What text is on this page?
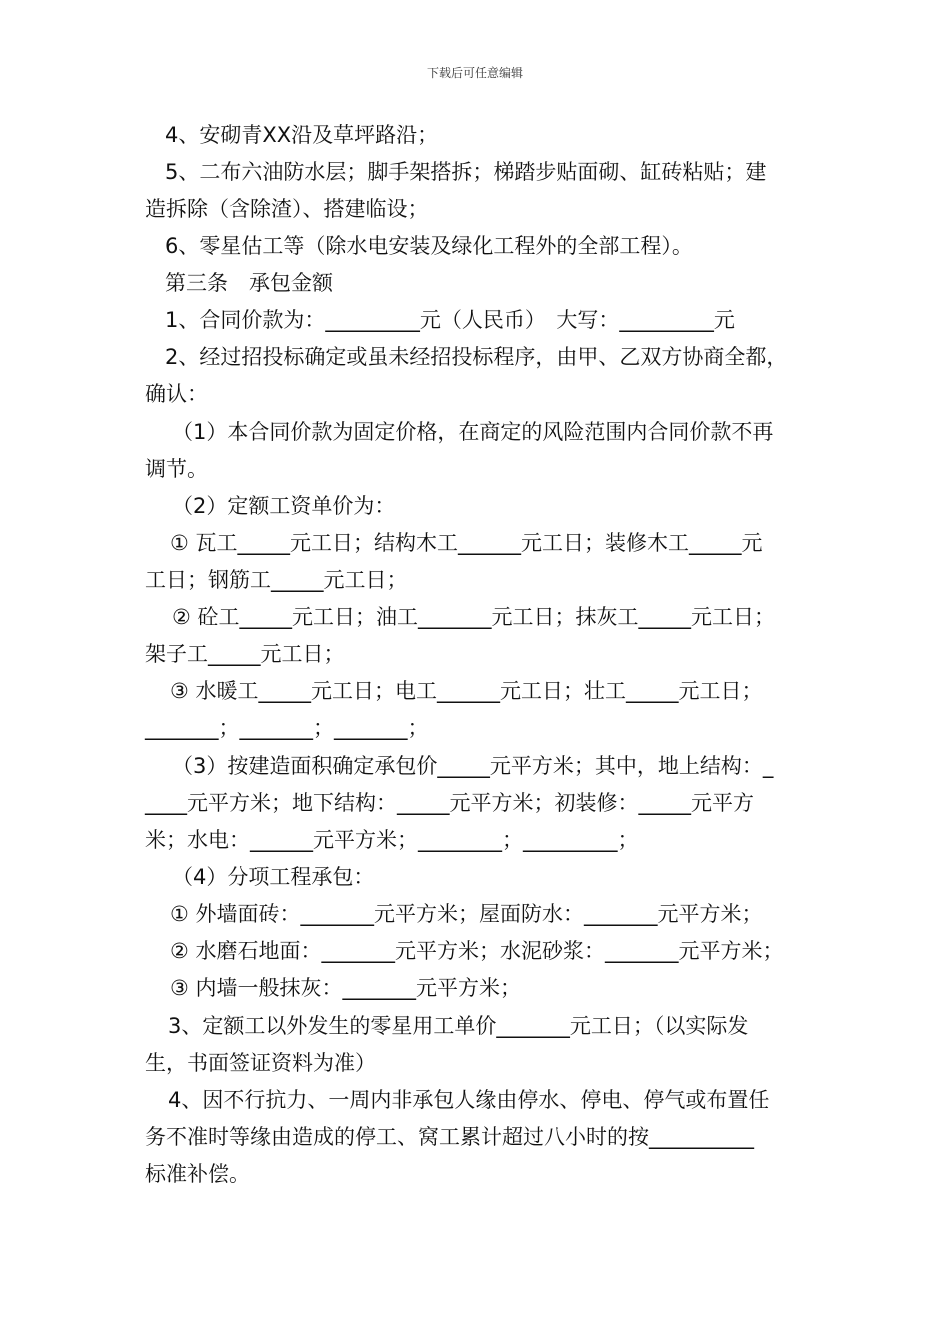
下载后可任意编辑
4、安砌青XX沿及草坪路沿；
5、二布六油防水层；脚手架搭拆；梯踏步贴面砌、缸砖粘贴；建
造拆除（含除渣）、搭建临设；
6、零星估工等（除水电安装及绿化工程外的全部工程）。
第三条　承包金额
1、合同价款为：_________元（人民币）　大写：_________元
2、经过招投标确定或虽未经招投标程序，由甲、乙双方协商全都，
确认：
（1）本合同价款为固定价格，在商定的风险范围内合同价款不再
调节。
（2）定额工资单价为：
① 瓦工_____元工日；结构木工______元工日；装修木工_____元
工日；钢筋工_____元工日；
② 砼工_____元工日；油工_______元工日；抹灰工_____元工日；
架子工_____元工日；
③ 水暖工_____元工日；电工______元工日；壮工_____元工日；
_______；_______；_______；
（3）按建造面积确定承包价_____元平方米；其中，地上结构：_
____元平方米；地下结构：_____元平方米；初装修：_____元平方
米；水电：______元平方米；________；_________；
（4）分项工程承包：
① 外墙面砖：_______元平方米；屋面防水：_______元平方米；
② 水磨石地面：_______元平方米；水泥砂浆：_______元平方米；
③ 内墙一般抹灰：_______元平方米；
3、定额工以外发生的零星用工单价_______元工日；（以实际发
生，书面签证资料为准）
4、因不行抗力、一周内非承包人缘由停水、停电、停气或布置任
务不准时等缘由造成的停工、窝工累计超过八小时的按__________
标准补偿。
